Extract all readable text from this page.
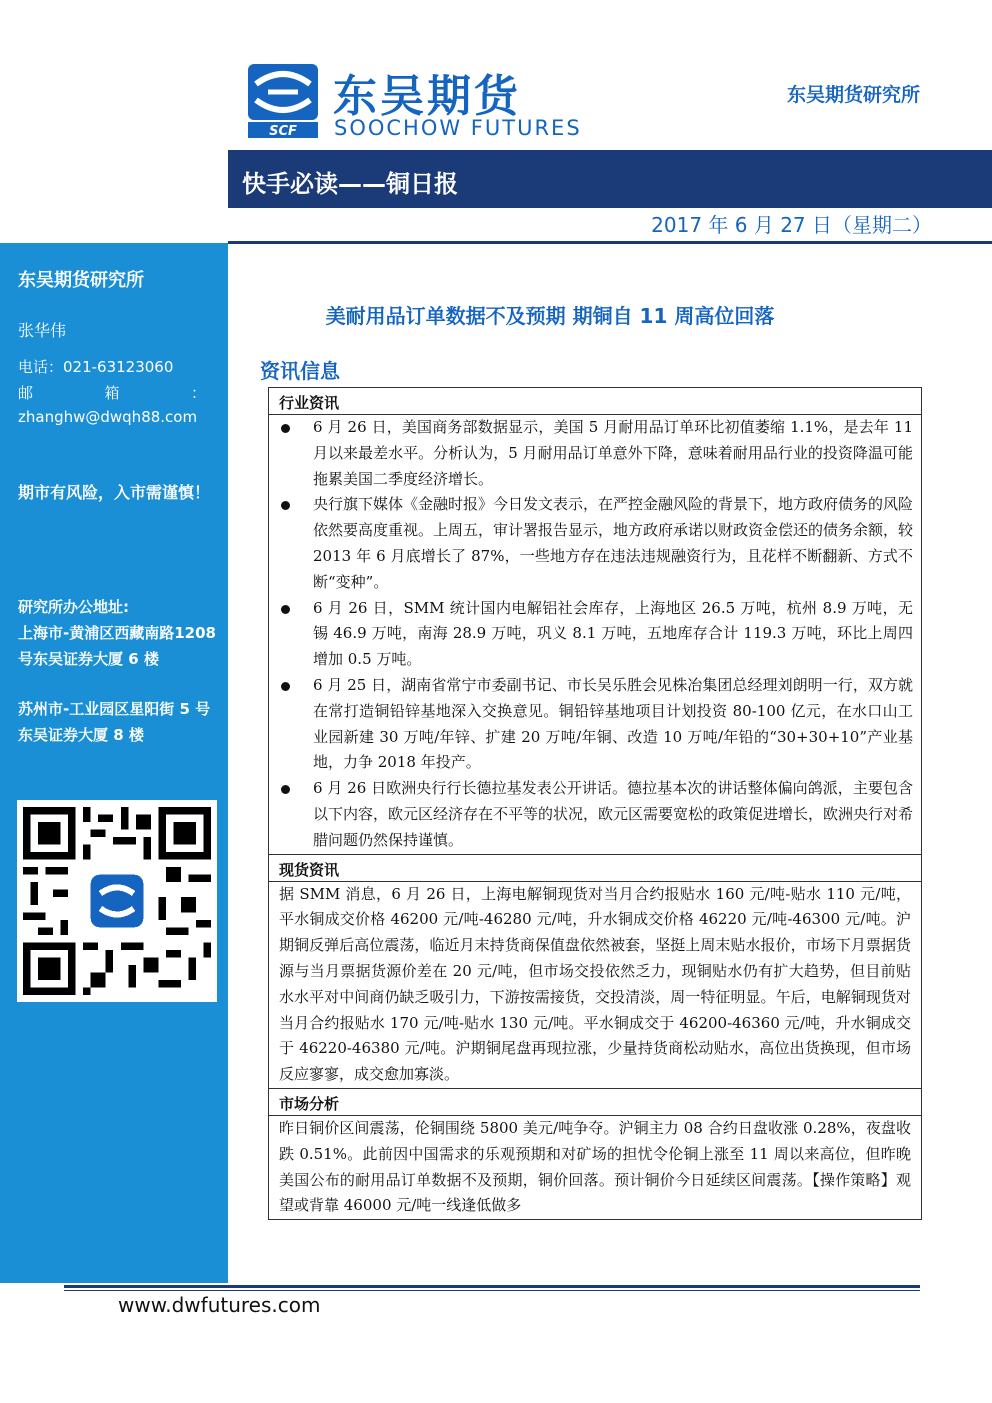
东吴期货研究所
张华伟
电话：021-63123060
邮	箱	：
zhanghw@dwqh88.com
期市有风险，入市需谨慎！
研究所办公地址:
上海市-黄浦区西藏南路1208 号东吴证券大厦 6 楼
苏州市-工业园区星阳街 5 号东吴证券大厦 8 楼
SCF
东吴期货
SOOCHOW FUTURES
东吴期货研究所
快手必读——铜日报
2017 年 6 月 27 日（星期二）
美耐用品订单数据不及预期 期铜自 11 周高位回落
资讯信息
行业资讯
6 月 26 日，美国商务部数据显示，美国 5 月耐用品订单环比初值萎缩 1.1%，是去年 11 月以来最差水平。分析认为，5 月耐用品订单意外下降，意味着耐用品行业的投资降温可能拖累美国二季度经济增长。
央行旗下媒体《金融时报》今日发文表示，在严控金融风险的背景下，地方政府债务的风险依然要高度重视。上周五，审计署报告显示，地方政府承诺以财政资金偿还的债务余额，较 2013 年 6 月底增长了 87%，一些地方存在违法违规融资行为，且花样不断翻新、方式不断“变种”。
6 月 26 日，SMM 统计国内电解铝社会库存，上海地区 26.5 万吨，杭州 8.9 万吨，无锡 46.9 万吨，南海 28.9 万吨，巩义 8.1 万吨，五地库存合计 119.3 万吨，环比上周四增加 0.5 万吨。
6 月 25 日，湖南省常宁市委副书记、市长吴乐胜会见株冶集团总经理刘朗明一行，双方就在常打造铜铅锌基地深入交换意见。铜铅锌基地项目计划投资 80-100 亿元，在水口山工业园新建 30 万吨/年锌、扩建 20 万吨/年铜、改造 10 万吨/年铅的“30+30+10”产业基地，力争 2018 年投产。
6 月 26 日欧洲央行行长德拉基发表公开讲话。德拉基本次的讲话整体偏向鸽派，主要包含以下内容，欧元区经济存在不平等的状况，欧元区需要宽松的政策促进增长，欧洲央行对希腊问题仍然保持谨慎。
现货资讯
据 SMM 消息，6 月 26 日，上海电解铜现货对当月合约报贴水 160 元/吨-贴水 110 元/吨，平水铜成交价格 46200 元/吨-46280 元/吨，升水铜成交价格 46220 元/吨-46300 元/吨。沪期铜反弹后高位震荡，临近月末持货商保值盘依然被套，坚挺上周末贴水报价，市场下月票据货源与当月票据货源价差在 20 元/吨，但市场交投依然乏力，现铜贴水仍有扩大趋势，但目前贴水水平对中间商仍缺乏吸引力，下游按需接货，交投清淡，周一特征明显。午后，电解铜现货对当月合约报贴水 170 元/吨-贴水 130 元/吨。平水铜成交于 46200-46360 元/吨，升水铜成交于 46220-46380 元/吨。沪期铜尾盘再现拉涨，少量持货商松动贴水，高位出货换现，但市场反应寥寥，成交愈加寡淡。
市场分析
昨日铜价区间震荡，伦铜围绕 5800 美元/吨争夺。沪铜主力 08 合约日盘收涨 0.28%，夜盘收跌 0.51%。此前因中国需求的乐观预期和对矿场的担忧令伦铜上涨至 11 周以来高位，但昨晚美国公布的耐用品订单数据不及预期，铜价回落。预计铜价今日延续区间震荡。【操作策略】观望或背靠 46000 元/吨一线逢低做多
www.dwfutures.com
